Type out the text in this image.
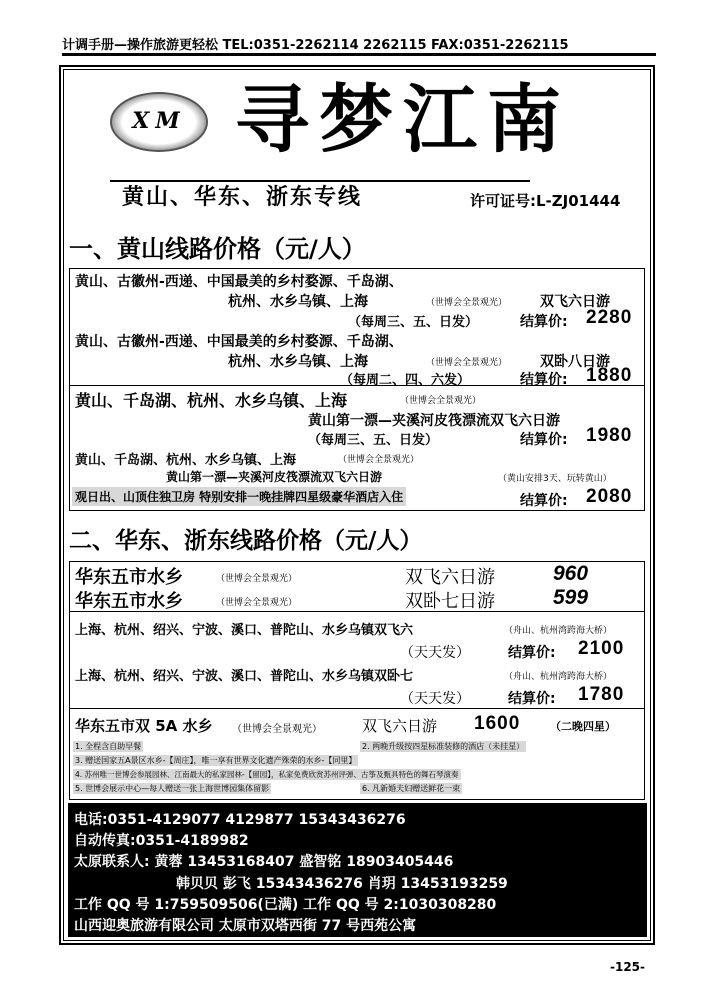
计调手册—操作旅游更轻松 TEL:0351-2262114 2262115 FAX:0351-2262115
XM 寻梦江南
黄山、华东、浙东专线	许可证号:L-ZJ01444
一、黄山线路价格（元/人）
黄山、古徽州-西递、中国最美的乡村婺源、千岛湖、
杭州、水乡乌镇、上海	（世博会全景观光） 双飞六日游
（每周三、五、日发）	结算价: 2280
黄山、古徽州-西递、中国最美的乡村婺源、千岛湖、
杭州、水乡乌镇、上海	（世博会全景观光） 双卧八日游
（每周二、四、六发）	结算价: 1880
黄山、千岛湖、杭州、水乡乌镇、上海	（世博会全景观光）
黄山第一漂—夹溪河皮筏漂流双飞六日游
（每周三、五、日发）	结算价: 1980
黄山、千岛湖、杭州、水乡乌镇、上海	（世博会全景观光）
黄山第一漂—夹溪河皮筏漂流双飞六日游	（黄山安排3天、玩转黄山）
观日出、山顶住独卫房 特别安排一晚挂牌四星级豪华酒店入住	结算价: 2080
二、华东、浙东线路价格（元/人）
华东五市水乡	（世博会全景观光）	双飞六日游	960
华东五市水乡	（世博会全景观光）	双卧七日游	599
上海、杭州、绍兴、宁波、溪口、普陀山、水乡乌镇双飞六	（舟山、杭州湾跨海大桥）
（天天发）	结算价: 2100
上海、杭州、绍兴、宁波、溪口、普陀山、水乡乌镇双卧七	（舟山、杭州湾跨海大桥）
（天天发）	结算价: 1780
华东五市双 5A 水乡 （世博会全景观光）	双飞六日游 1600	（二晚四星）
1. 全程含自助早餐	2. 两晚升级按四星标准装修的酒店（未挂星）
3. 赠送国家五A景区水乡-【周庄】，唯一享有世界文化遗产殊荣的水乡-【同里】
4. 苏州唯一世博会参展园林、江南最大的私家园林-【留园】，私家免费欣赏苏州评弹、古筝及甄具特色的舞石琴演奏
5. 世博会展示中心—每人赠送一张上海世博园集体留影	6. 凡新婚夫妇赠送鲜花一束
电话:0351-4129077 4129877 15343436276
自动传真:0351-4189982
太原联系人: 黄蓉 13453168407 盛智铭 18903405446
韩贝贝 彭飞 15343436276 肖玥 13453193259
工作 QQ 号 1:759509506(已满) 工作 QQ 号 2:1030308280
山西迎奥旅游有限公司 太原市双塔西街 77 号西苑公寓
-125-
